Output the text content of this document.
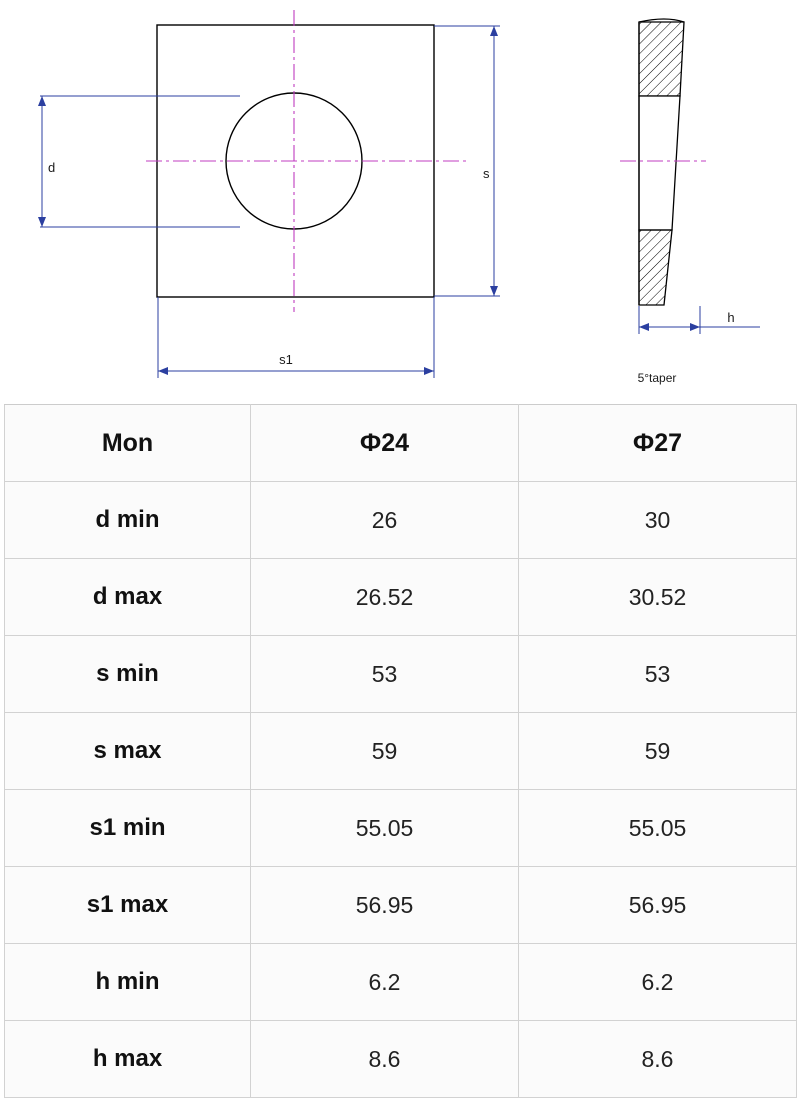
d	s
s1
h
5°taper
Mon	Ф24	Ф27
d min	26	30
d max	26.52	30.52
s min	53	53
s max	59	59
s1 min	55.05	55.05
s1 max	56.95	56.95
h min	6.2	6.2
h max	8.6	8.6
